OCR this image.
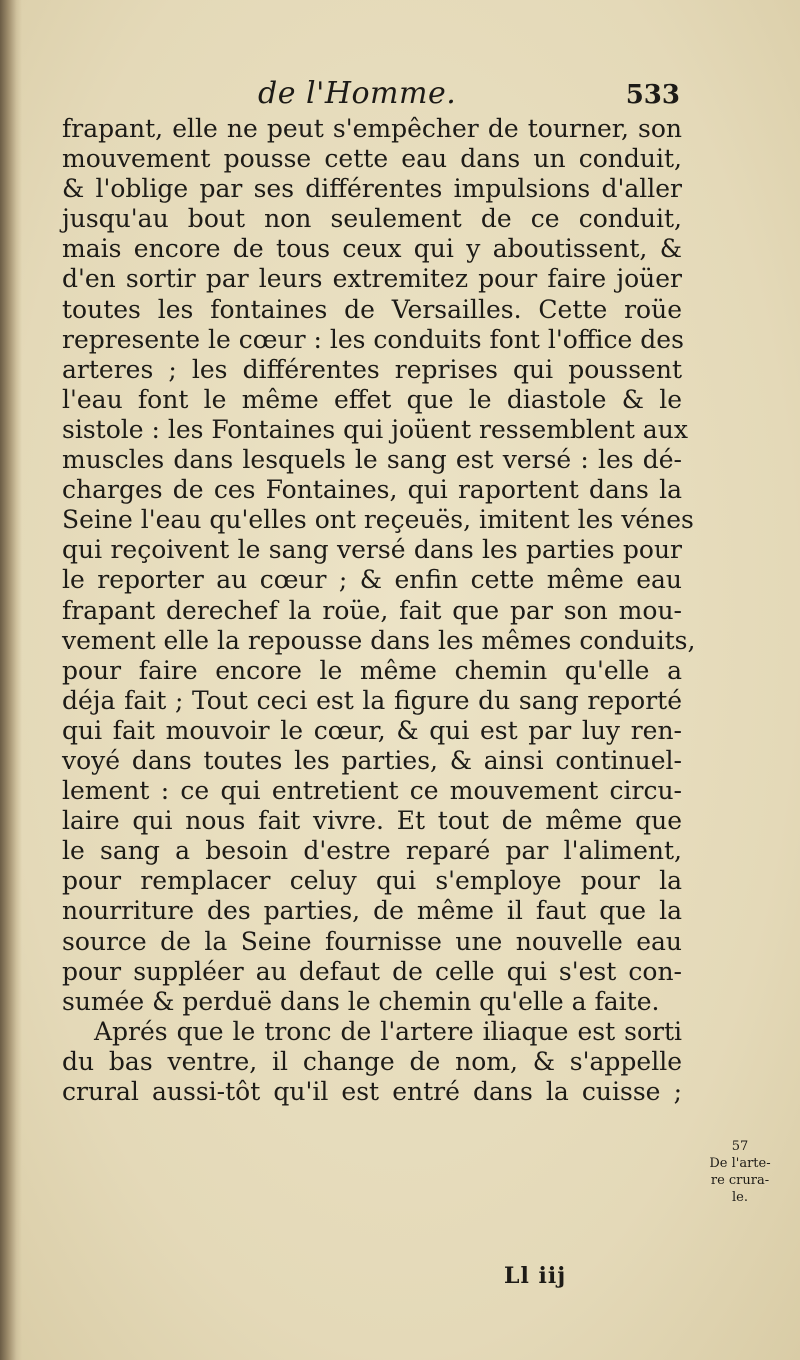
de l'Homme.	533
frapant, elle ne peut s'empêcher de tourner, son
mouvement pousse cette eau dans un conduit,
& l'oblige par ses différentes impulsions d'aller
jusqu'au bout non seulement de ce conduit,
mais encore de tous ceux qui y aboutissent, &
d'en sortir par leurs extremitez pour faire joüer
toutes les fontaines de Versailles. Cette roüe
represente le cœur : les conduits font l'office des
arteres ; les différentes reprises qui poussent
l'eau font le même effet que le diastole & le
sistole : les Fontaines qui joüent ressemblent aux
muscles dans lesquels le sang est versé : les dé-
charges de ces Fontaines, qui raportent dans la
Seine l'eau qu'elles ont reçeuës, imitent les vénes
qui reçoivent le sang versé dans les parties pour
le reporter au cœur ; & enfin cette même eau
frapant derechef la roüe, fait que par son mou-
vement elle la repousse dans les mêmes conduits,
pour faire encore le même chemin qu'elle a
déja fait ; Tout ceci est la figure du sang reporté
qui fait mouvoir le cœur, & qui est par luy ren-
voyé dans toutes les parties, & ainsi continuel-
lement : ce qui entretient ce mouvement circu-
laire qui nous fait vivre. Et tout de même que
le sang a besoin d'estre reparé par l'aliment,
pour remplacer celuy qui s'employe pour la
nourriture des parties, de même il faut que la
source de la Seine fournisse une nouvelle eau
pour suppléer au defaut de celle qui s'est con-
sumée & perduë dans le chemin qu'elle a faite.
Aprés que le tronc de l'artere iliaque est sorti
du bas ventre, il change de nom, & s'appelle
crural aussi-tôt qu'il est entré dans la cuisse ;
57
De l'arte-
re crura-
le.
Ll iij
